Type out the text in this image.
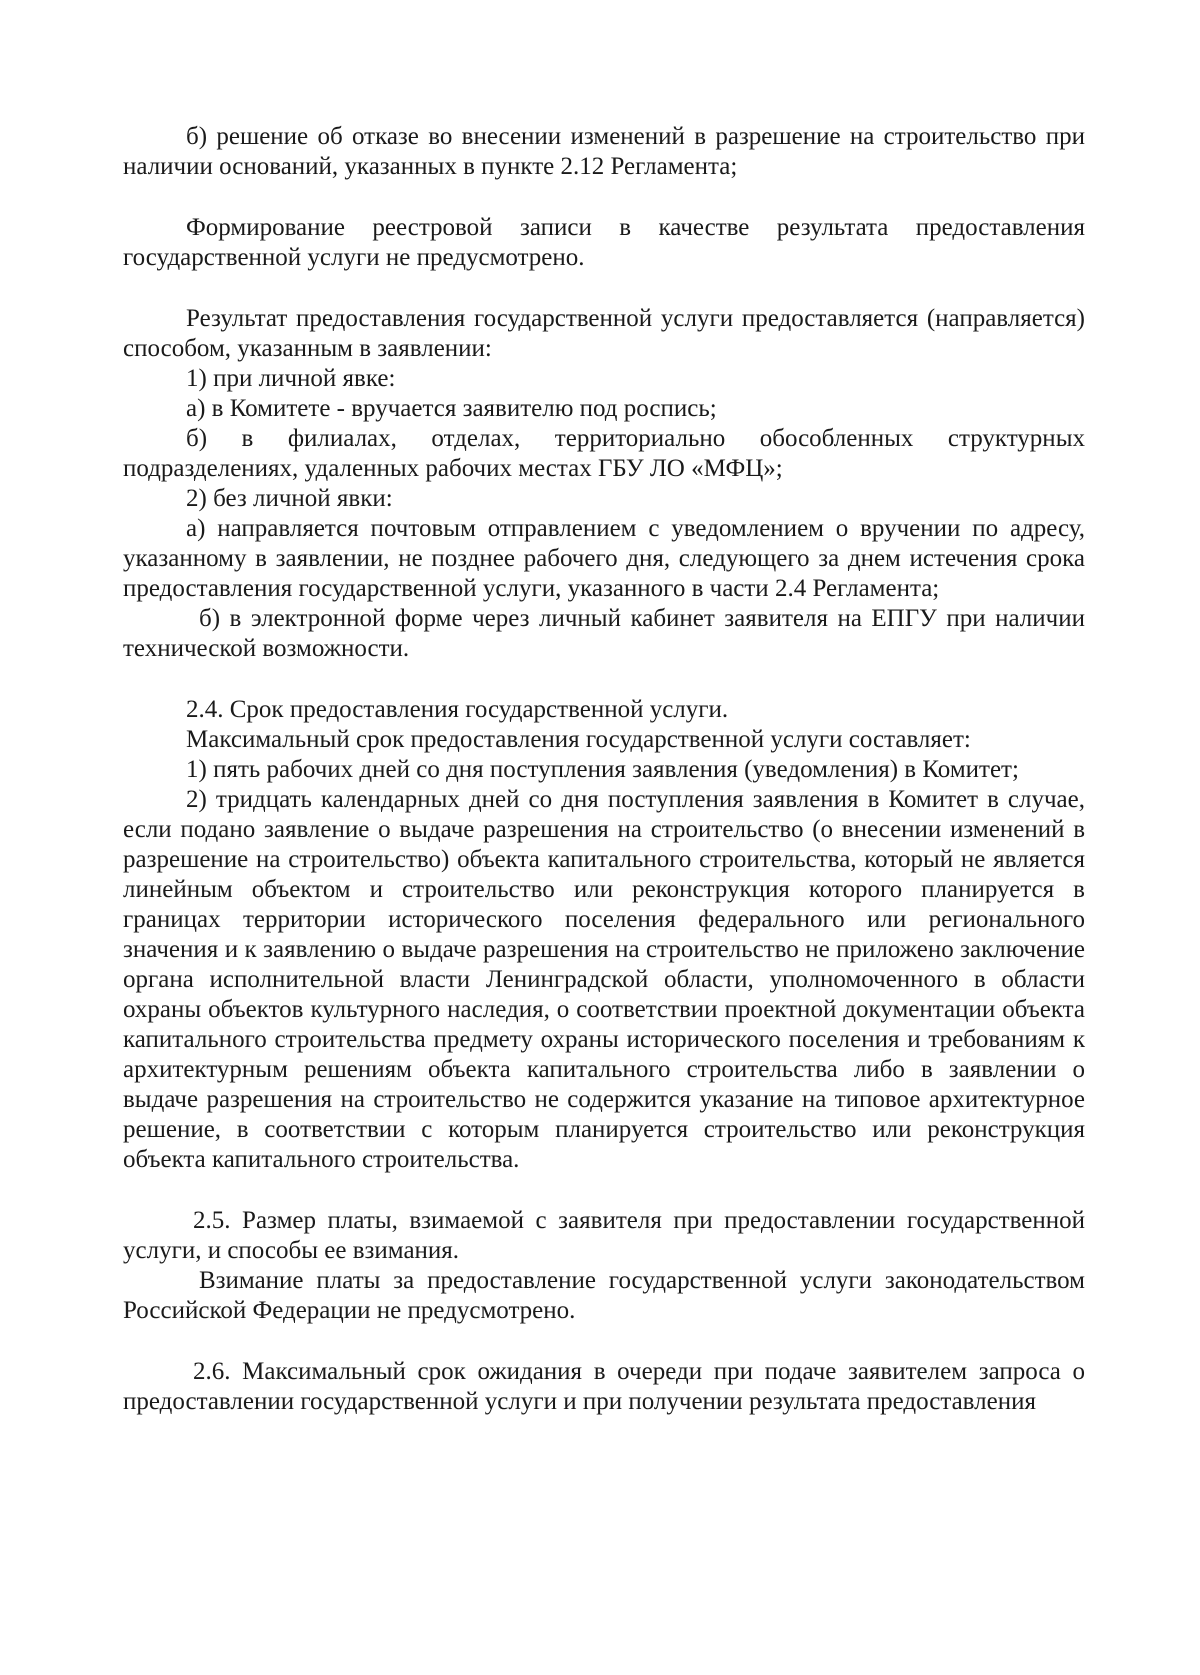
б) решение об отказе во внесении изменений в разрешение на строительство при наличии оснований, указанных в пункте 2.12 Регламента;

Формирование реестровой записи в качестве результата предоставления государственной услуги не предусмотрено.

Результат предоставления государственной услуги предоставляется (направляется) способом, указанным в заявлении:

1) при личной явке:

а) в Комитете - вручается заявителю под роспись;

б) в филиалах, отделах, территориально обособленных структурных подразделениях, удаленных рабочих местах ГБУ ЛО «МФЦ»;

2) без личной явки:

а) направляется почтовым отправлением с уведомлением о вручении по адресу, указанному в заявлении, не позднее рабочего дня, следующего за днем истечения срока предоставления государственной услуги, указанного в части 2.4 Регламента;

б) в электронной форме через личный кабинет заявителя на ЕПГУ при наличии технической возможности.

2.4. Срок предоставления государственной услуги.

Максимальный срок предоставления государственной услуги составляет:

1) пять рабочих дней со дня поступления заявления (уведомления) в Комитет;

2) тридцать календарных дней со дня поступления заявления в Комитет в случае, если подано заявление о выдаче разрешения на строительство (о внесении изменений в разрешение на строительство) объекта капитального строительства, который не является линейным объектом и строительство или реконструкция которого планируется в границах территории исторического поселения федерального или регионального значения и к заявлению о выдаче разрешения на строительство не приложено заключение органа исполнительной власти Ленинградской области, уполномоченного в области охраны объектов культурного наследия, о соответствии проектной документации объекта капитального строительства предмету охраны исторического поселения и требованиям к архитектурным решениям объекта капитального строительства либо в заявлении о выдаче разрешения на строительство не содержится указание на типовое архитектурное решение, в соответствии с которым планируется строительство или реконструкция объекта капитального строительства.

2.5. Размер платы, взимаемой с заявителя при предоставлении государственной услуги, и способы ее взимания.

Взимание платы за предоставление государственной услуги законодательством Российской Федерации не предусмотрено.

2.6. Максимальный срок ожидания в очереди при подаче заявителем запроса о предоставлении государственной услуги и при получении результата предоставления
